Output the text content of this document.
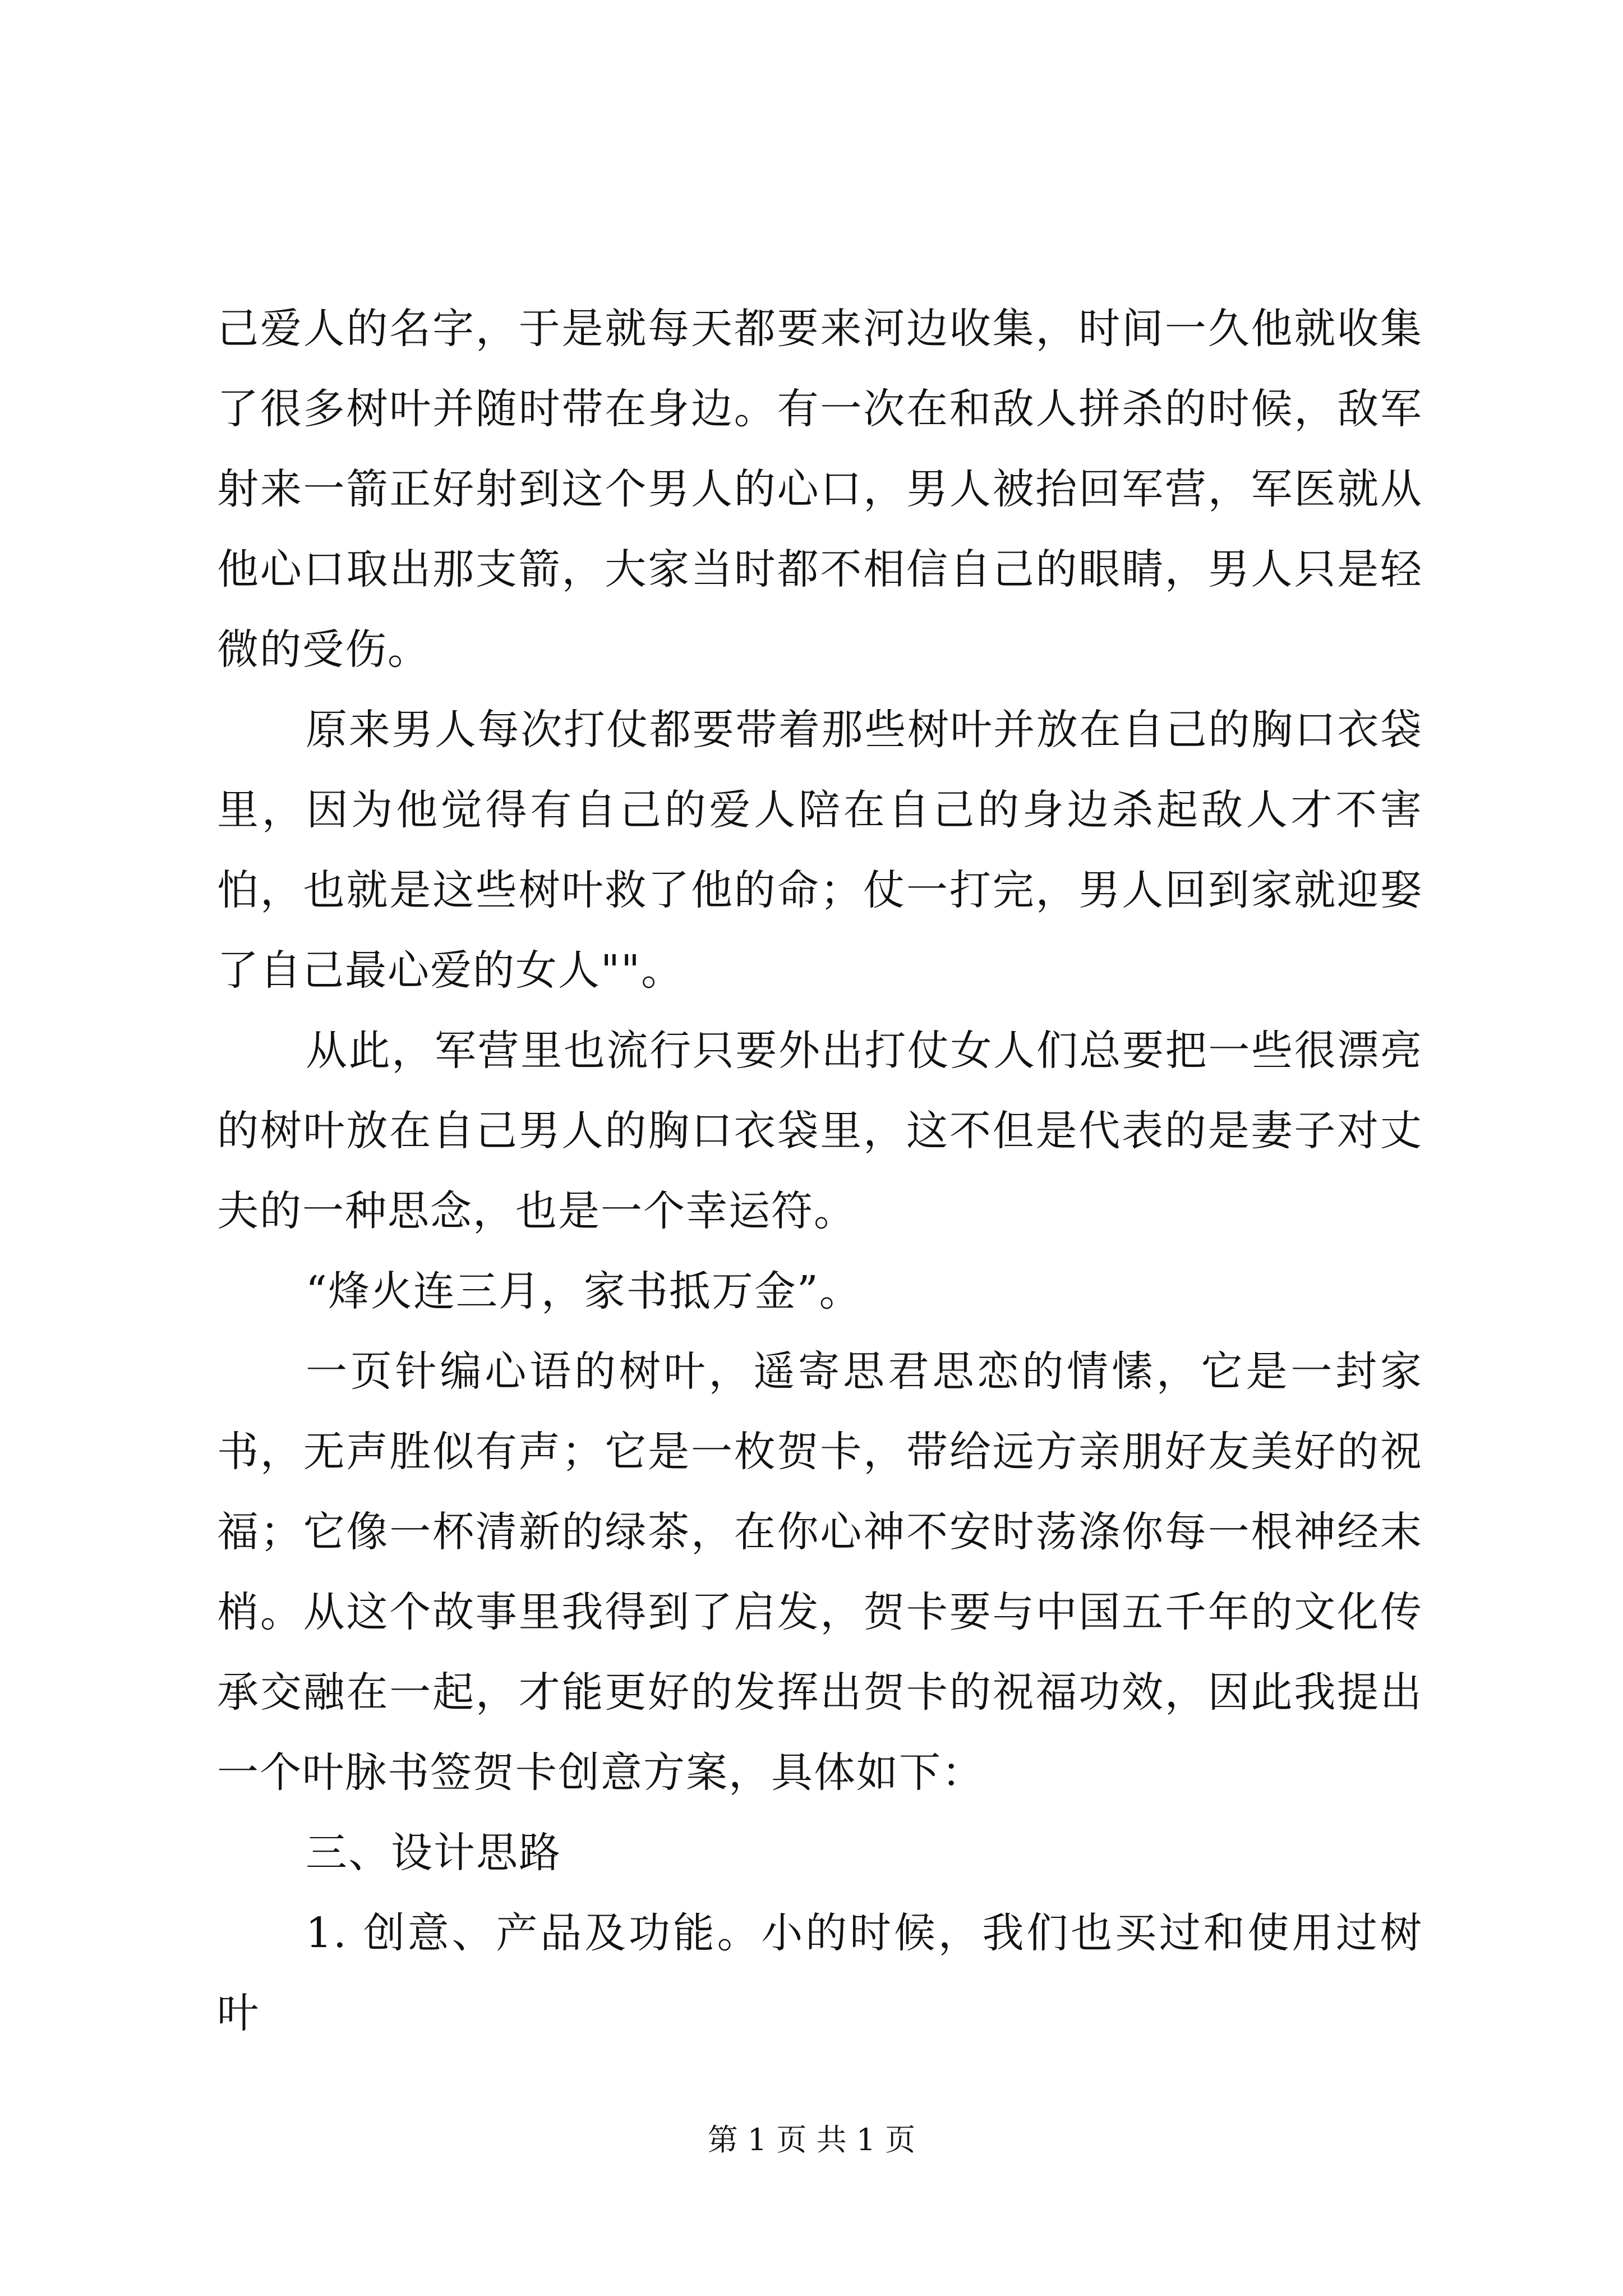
己爱人的名字，于是就每天都要来河边收集，时间一久他就收集了很多树叶并随时带在身边。有一次在和敌人拼杀的时候，敌军射来一箭正好射到这个男人的心口，男人被抬回军营，军医就从他心口取出那支箭，大家当时都不相信自己的眼睛，男人只是轻微的受伤。

原来男人每次打仗都要带着那些树叶并放在自己的胸口衣袋里，因为他觉得有自己的爱人陪在自己的身边杀起敌人才不害怕，也就是这些树叶救了他的命；仗一打完，男人回到家就迎娶了自己最心爱的女人""。

从此，军营里也流行只要外出打仗女人们总要把一些很漂亮的树叶放在自己男人的胸口衣袋里，这不但是代表的是妻子对丈夫的一种思念，也是一个幸运符。

“烽火连三月，家书抵万金”。

一页针编心语的树叶，遥寄思君思恋的情愫，它是一封家书，无声胜似有声；它是一枚贺卡，带给远方亲朋好友美好的祝福；它像一杯清新的绿茶，在你心神不安时荡涤你每一根神经末梢。从这个故事里我得到了启发，贺卡要与中国五千年的文化传承交融在一起，才能更好的发挥出贺卡的祝福功效，因此我提出一个叶脉书签贺卡创意方案，具体如下：

三、设计思路

1. 创意、产品及功能。小的时候，我们也买过和使用过树叶

第 1 页 共 1 页
